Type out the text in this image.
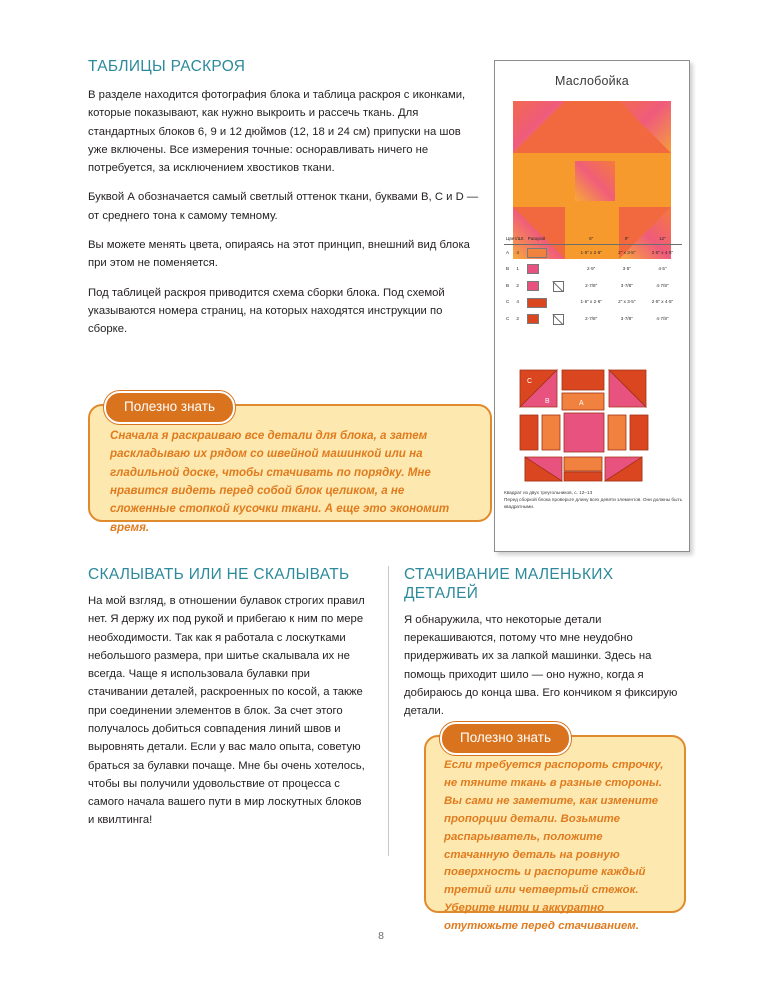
ТАБЛИЦЫ РАСКРОЯ

В разделе находится фотография блока и таблица раскроя с иконками, которые показывают, как нужно выкроить и рассечь ткань. Для стандартных блоков 6, 9 и 12 дюймов (12, 18 и 24 см) припуски на шов уже включены. Все измерения точные: осноравливать ничего не потребуется, за исключением хвостиков ткани.

Буквой А обозначается самый светлый оттенок ткани, буквами B, C и D — от среднего тона к самому темному.

Вы можете менять цвета, опираясь на этот принцип, внешний вид блока при этом не поменяется.

Под таблицей раскроя приводится схема сборки блока. Под схемой указываются номера страниц, на которых находятся инструкции по сборке.

Полезно знать

Сначала я раскраиваю все детали для блока, а затем раскладываю их рядом со швейной машинкой или на гладильной доске, чтобы стачивать по порядку. Мне нравится видеть перед собой блок целиком, а не сложенные стопкой кусочки ткани. А еще это экономит время.

СКАЛЫВАТЬ ИЛИ НЕ СКАЛЫВАТЬ

На мой взгляд, в отношении булавок строгих правил нет. Я держу их под рукой и прибегаю к ним по мере необходимости. Так как я работала с лоскутками небольшого размера, при шитье скалывала их не всегда. Чаще я использовала булавки при стачивании деталей, раскроенных по косой, а также при соединении элементов в блок. За счет этого получалось добиться совпадения линий швов и выровнять детали. Если у вас мало опыта, советую браться за булавки почаще. Мне бы очень хотелось, чтобы вы получили удовольствие от процесса с самого начала вашего пути в мир лоскутных блоков и квилтинга!

СТАЧИВАНИЕ МАЛЕНЬКИХ ДЕТАЛЕЙ

Я обнаружила, что некоторые детали перекашиваются, потому что мне неудобно придерживать их за лапкой машинки. Здесь на помощь приходит шило — оно нужно, когда я добираюсь до конца шва. Его кончиком я фиксирую детали.

Полезно знать

Если требуется распороть строчку, не тяните ткань в разные стороны. Вы сами не заметите, как измените пропорции детали. Возьмите распарыватель, положите стачанную деталь на ровную поверхность и распорите каждый третий или четвертый стежок. Уберите нити и аккуратно отутюжьте перед стачиванием.

Маслобойка
Цвет/Шт.		Раскрой		6"	9"	12"
A	4			1·6" x 2·6"	2" x 3·5"	2·5" x 4·5"
B	1			2·5"	3·5"	4·5"
B	2			2·7/8"	3·7/8"	4·7/8"
C	4			1·6" x 2·6"	2" x 3·5"	2·5" x 4·5"
C	2			2·7/8"	3·7/8"	4·7/8"
C
B	A
Квадрат из двух треугольников, с. 12–13
Перед сборкой блока проверьте длину всех девяти элементов. Они должны быть квадратными.
8
